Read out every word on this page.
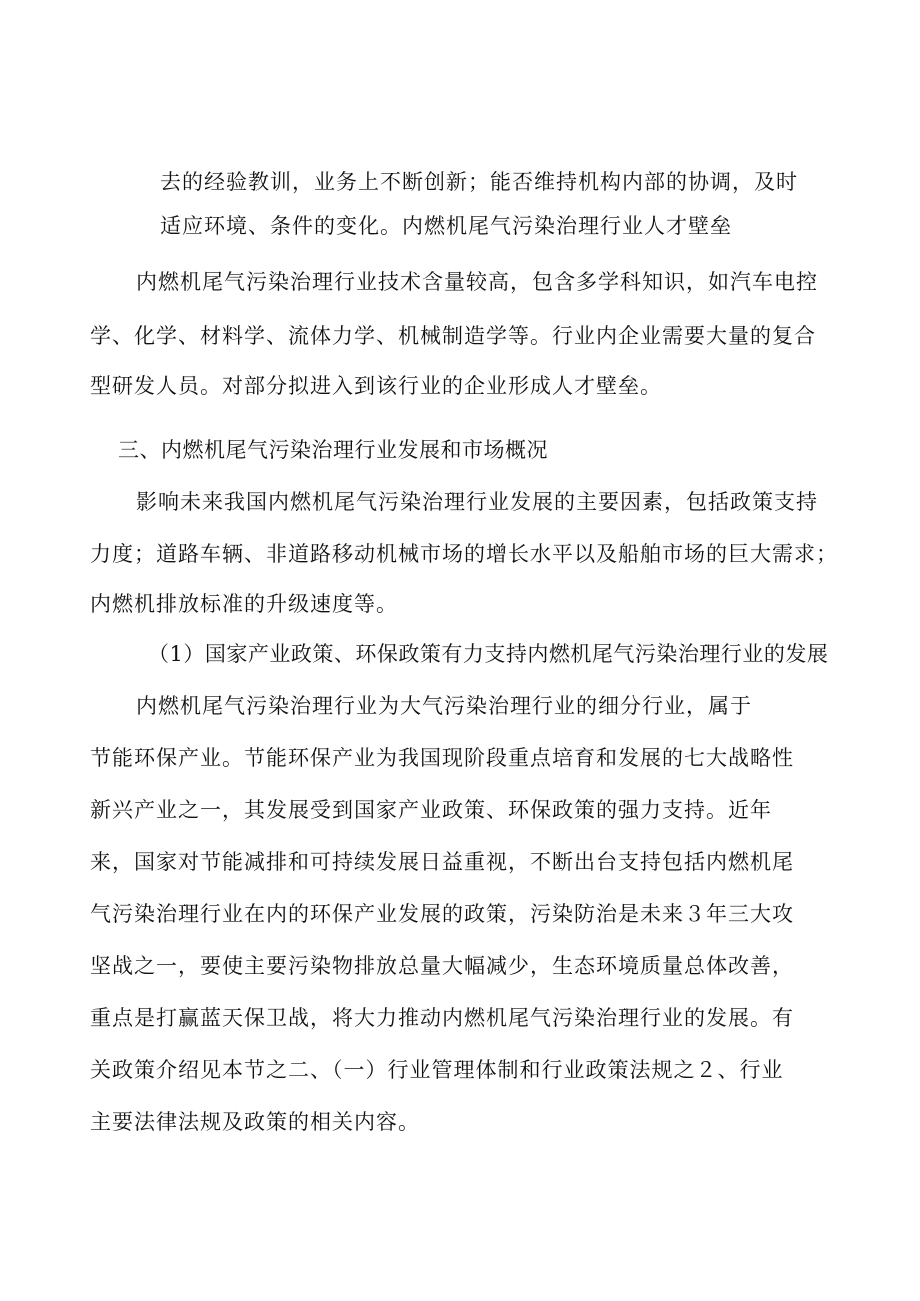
去的经验教训，业务上不断创新；能否维持机构内部的协调，及时
适应环境、条件的变化。内燃机尾气污染治理行业人才壁垒
内燃机尾气污染治理行业技术含量较高，包含多学科知识，如汽车电控
学、化学、材料学、流体力学、机械制造学等。行业内企业需要大量的复合
型研发人员。对部分拟进入到该行业的企业形成人才壁垒。
三、内燃机尾气污染治理行业发展和市场概况
影响未来我国内燃机尾气污染治理行业发展的主要因素，包括政策支持
力度；道路车辆、非道路移动机械市场的增长水平以及船舶市场的巨大需求；
内燃机排放标准的升级速度等。
（1）国家产业政策、环保政策有力支持内燃机尾气污染治理行业的发展
内燃机尾气污染治理行业为大气污染治理行业的细分行业，属于
节能环保产业。节能环保产业为我国现阶段重点培育和发展的七大战略性
新兴产业之一，其发展受到国家产业政策、环保政策的强力支持。近年
来，国家对节能减排和可持续发展日益重视，不断出台支持包括内燃机尾
气污染治理行业在内的环保产业发展的政策，污染防治是未来３年三大攻
坚战之一，要使主要污染物排放总量大幅减少，生态环境质量总体改善，
重点是打赢蓝天保卫战，将大力推动内燃机尾气污染治理行业的发展。有
关政策介绍见本节之二、（一）行业管理体制和行业政策法规之２、行业
主要法律法规及政策的相关内容。
